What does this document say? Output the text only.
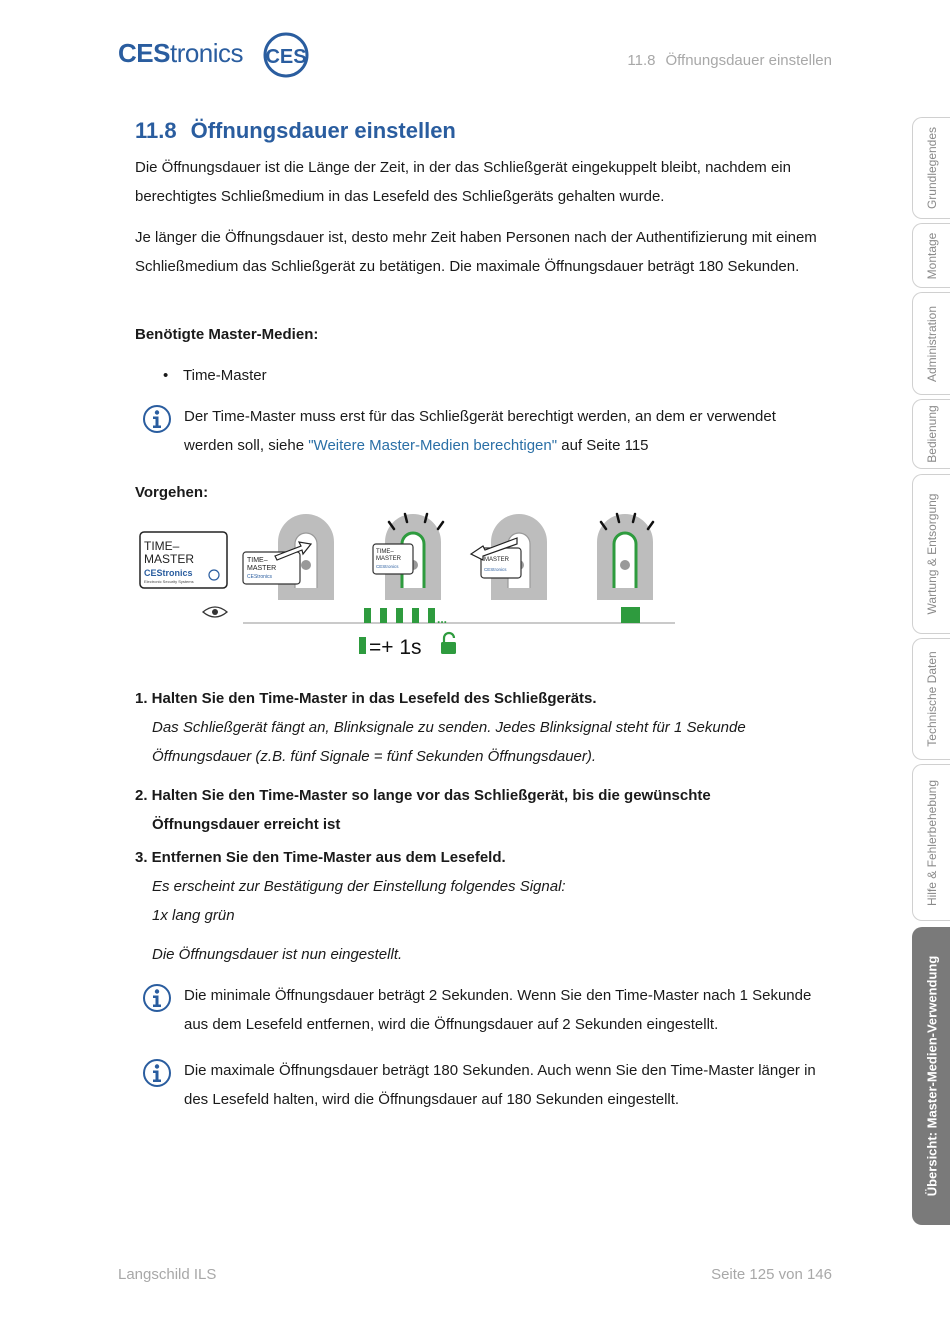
CEStronics CES	11.8 Öffnungsdauer einstellen
11.8 Öffnungsdauer einstellen
Die Öffnungsdauer ist die Länge der Zeit, in der das Schließgerät eingekuppelt bleibt, nachdem ein berechtigtes Schließmedium in das Lesefeld des Schließgeräts gehalten wurde.
Je länger die Öffnungsdauer ist, desto mehr Zeit haben Personen nach der Authentifizierung mit einem Schließmedium das Schließgerät zu betätigen. Die maximale Öffnungsdauer beträgt 180 Sekunden.
Benötigte Master-Medien:
• Time-Master
Der Time-Master muss erst für das Schließgerät berechtigt werden, an dem er verwendet werden soll, siehe "Weitere Master-Medien berechtigen" auf Seite 115
Vorgehen:
TIME–
MASTER
CEStronics
Electronic Security Systems
TIME–
MASTER
CEStronics
TIME–
MASTER
CEStronics
MASTER
CEStronics
...
=+ 1s
1. Halten Sie den Time-Master in das Lesefeld des Schließgeräts.
Das Schließgerät fängt an, Blinksignale zu senden. Jedes Blinksignal steht für 1 Sekunde
Öffnungsdauer (z.B. fünf Signale = fünf Sekunden Öffnungsdauer).
2. Halten Sie den Time-Master so lange vor das Schließgerät, bis die gewünschte
Öffnungsdauer erreicht ist
3. Entfernen Sie den Time-Master aus dem Lesefeld.
Es erscheint zur Bestätigung der Einstellung folgendes Signal:
1x lang grün
Die Öffnungsdauer ist nun eingestellt.
Die minimale Öffnungsdauer beträgt 2 Sekunden. Wenn Sie den Time-Master nach 1 Sekunde aus dem Lesefeld entfernen, wird die Öffnungsdauer auf 2 Sekunden eingestellt.
Die maximale Öffnungsdauer beträgt 180 Sekunden. Auch wenn Sie den Time-Master länger in des Lesefeld halten, wird die Öffnungsdauer auf 180 Sekunden eingestellt.
Grundlegendes
Montage
Administration
Bedienung
Wartung & Entsorgung
Technische Daten
Hilfe & Fehlerbehebung
Übersicht: Master-Medien-Verwendung
Langschild ILS	Seite 125 von 146
